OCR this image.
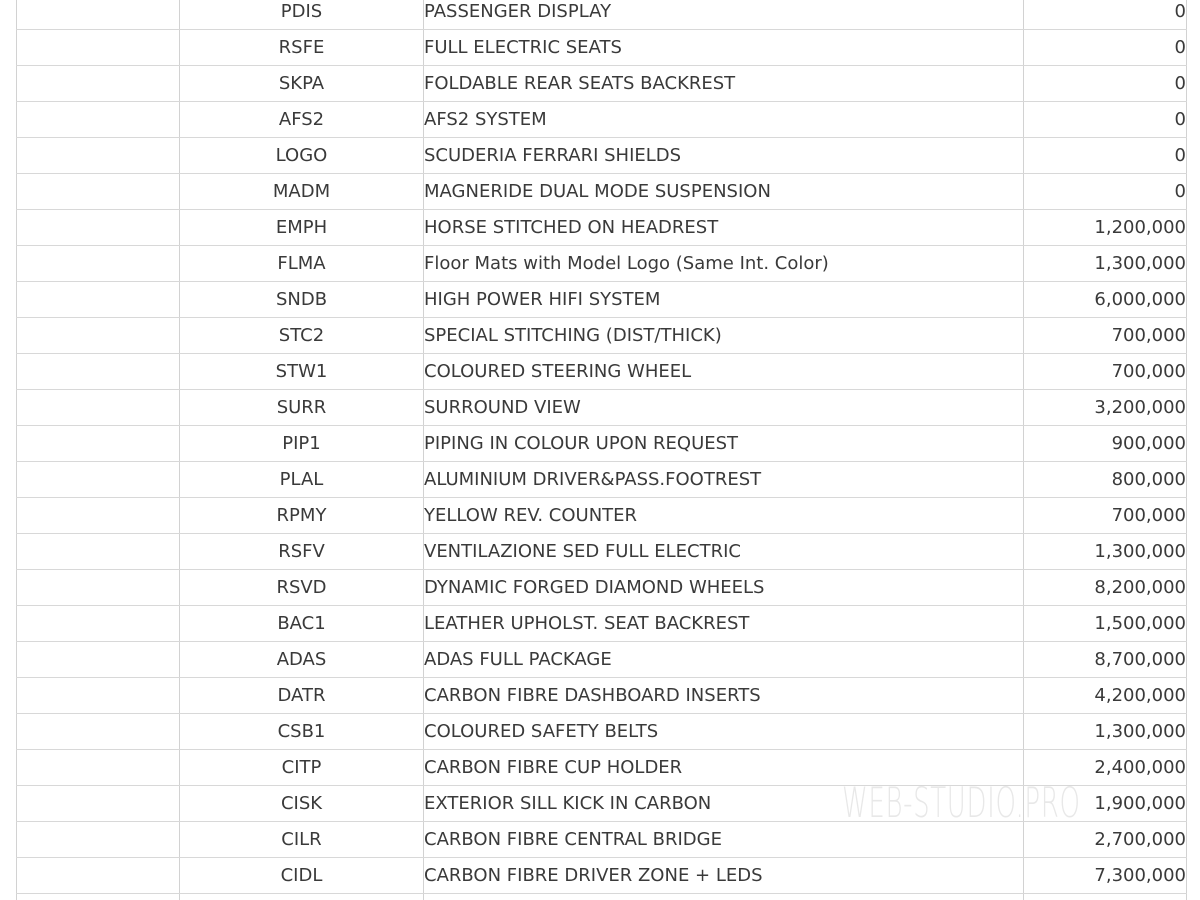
	PDIS	PASSENGER DISPLAY	0
	RSFE	FULL ELECTRIC SEATS	0
	SKPA	FOLDABLE REAR SEATS BACKREST	0
	AFS2	AFS2 SYSTEM	0
	LOGO	SCUDERIA FERRARI SHIELDS	0
	MADM	MAGNERIDE DUAL MODE SUSPENSION	0
	EMPH	HORSE STITCHED ON HEADREST	1,200,000
	FLMA	Floor Mats with Model Logo (Same Int. Color)	1,300,000
	SNDB	HIGH POWER HIFI SYSTEM	6,000,000
	STC2	SPECIAL STITCHING (DIST/THICK)	700,000
	STW1	COLOURED STEERING WHEEL	700,000
	SURR	SURROUND VIEW	3,200,000
	PIP1	PIPING IN COLOUR UPON REQUEST	900,000
	PLAL	ALUMINIUM DRIVER&PASS.FOOTREST	800,000
	RPMY	YELLOW REV. COUNTER	700,000
	RSFV	VENTILAZIONE SED FULL ELECTRIC	1,300,000
	RSVD	DYNAMIC FORGED DIAMOND WHEELS	8,200,000
	BAC1	LEATHER UPHOLST. SEAT BACKREST	1,500,000
	ADAS	ADAS FULL PACKAGE	8,700,000
	DATR	CARBON FIBRE DASHBOARD INSERTS	4,200,000
	CSB1	COLOURED SAFETY BELTS	1,300,000
	CITP	CARBON FIBRE CUP HOLDER	2,400,000
	CISK	EXTERIOR SILL KICK IN CARBON	1,900,000
	CILR	CARBON FIBRE CENTRAL BRIDGE	2,700,000
	CIDL	CARBON FIBRE DRIVER ZONE + LEDS	7,300,000

WEB-STUDIO.PRO
